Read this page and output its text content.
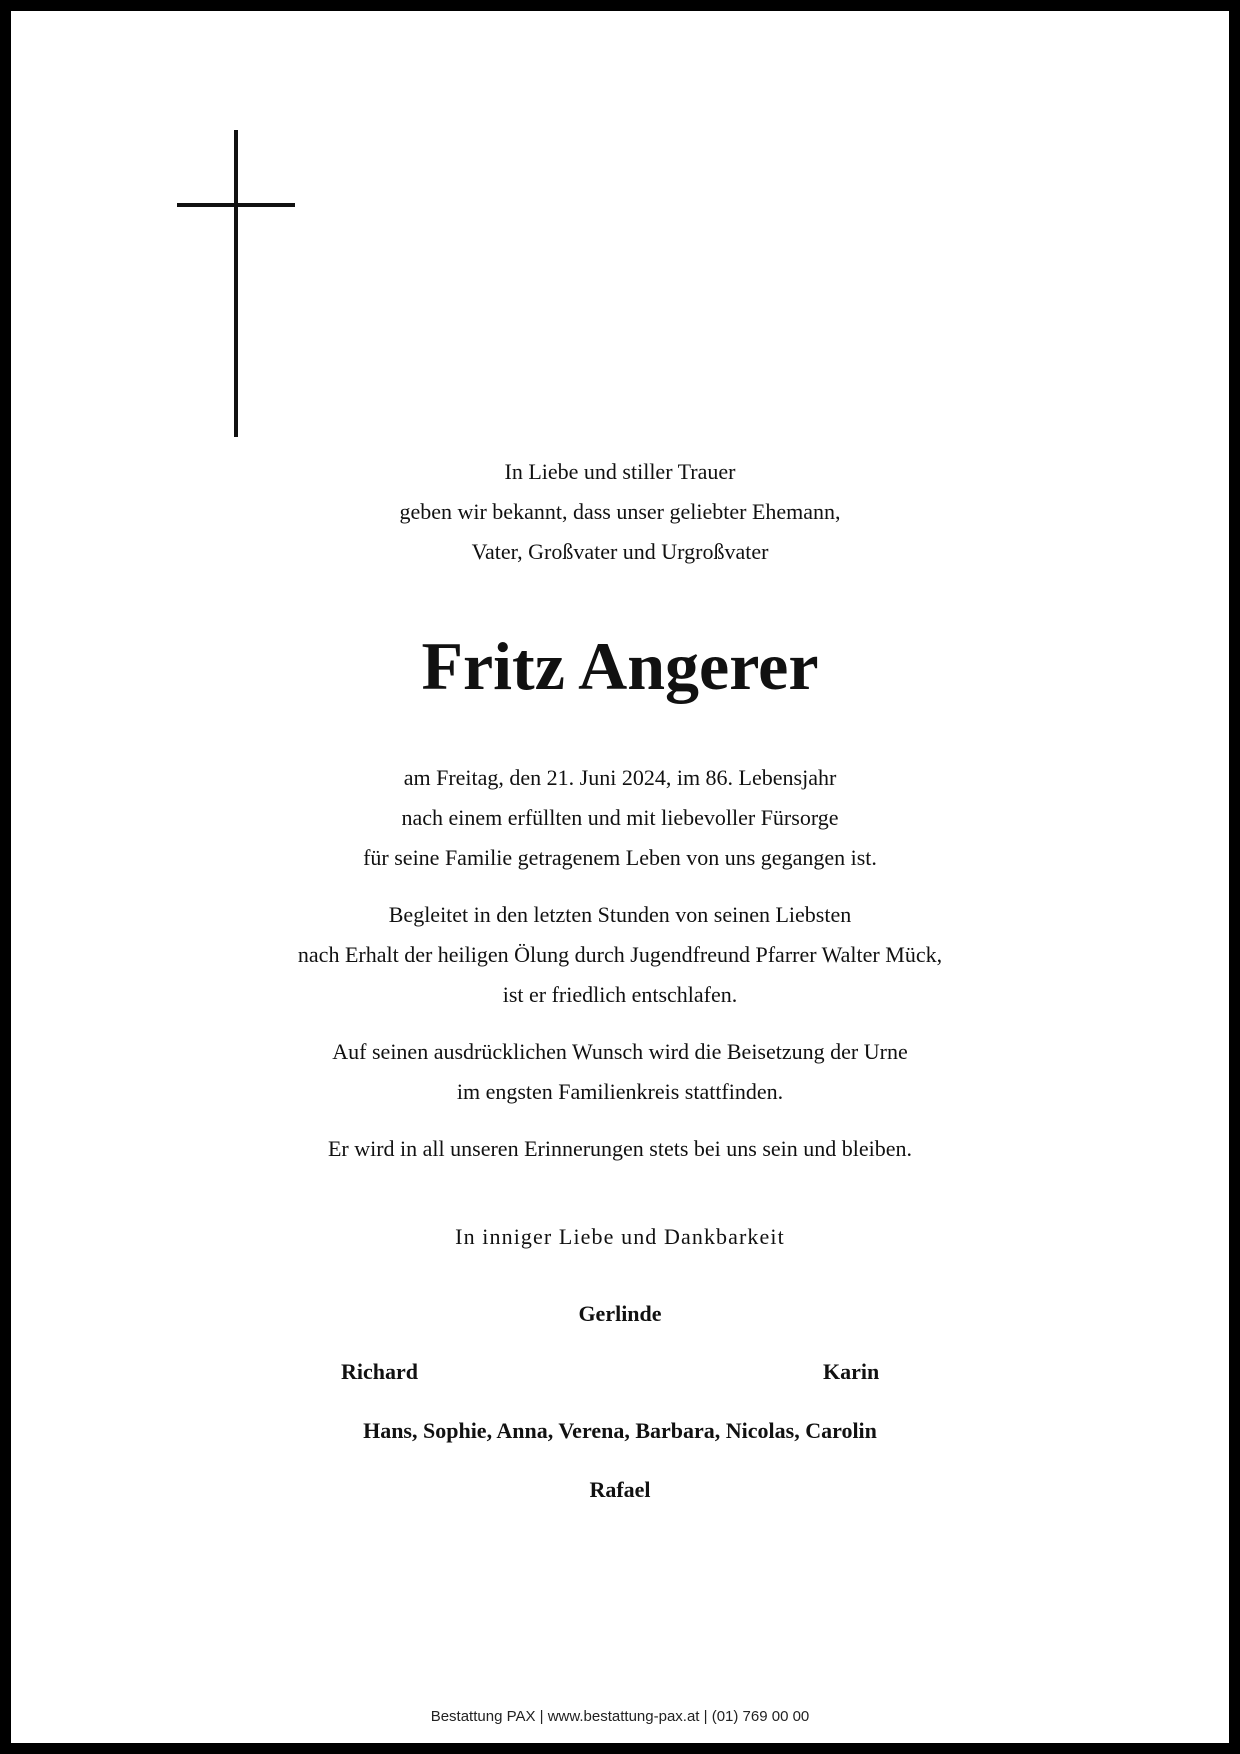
In Liebe und stiller Trauer
geben wir bekannt, dass unser geliebter Ehemann,
Vater, Großvater und Urgroßvater
Fritz Angerer
am Freitag, den 21. Juni 2024, im 86. Lebensjahr
nach einem erfüllten und mit liebevoller Fürsorge
für seine Familie getragenem Leben von uns gegangen ist.
Begleitet in den letzten Stunden von seinen Liebsten
nach Erhalt der heiligen Ölung durch Jugendfreund Pfarrer Walter Mück,
ist er friedlich entschlafen.
Auf seinen ausdrücklichen Wunsch wird die Beisetzung der Urne
im engsten Familienkreis stattfinden.
Er wird in all unseren Erinnerungen stets bei uns sein und bleiben.
In inniger Liebe und Dankbarkeit
Gerlinde
Richard	Karin
Hans, Sophie, Anna, Verena, Barbara, Nicolas, Carolin
Rafael
Bestattung PAX | www.bestattung-pax.at | (01) 769 00 00
